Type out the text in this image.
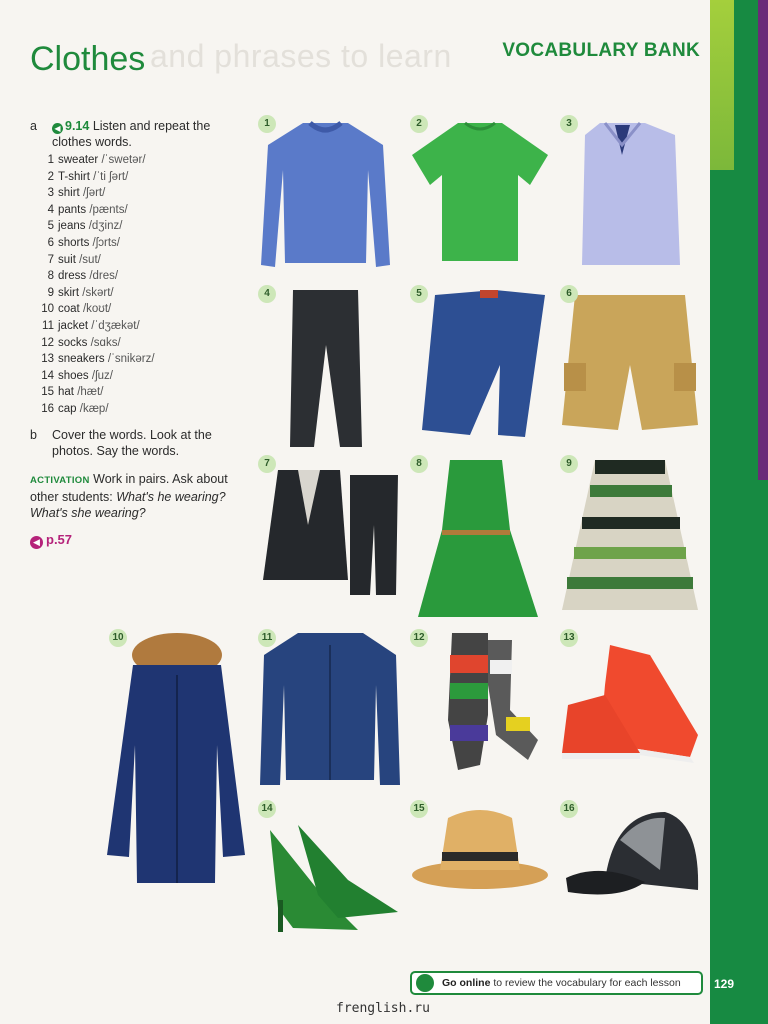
and phrases to learn
Clothes	VOCABULARY BANK
a ◀ 9.14 Listen and repeat the
clothes words.
1 sweater /ˈswetər/
2 T-shirt /ˈti ʃərt/
3 shirt /ʃərt/
4 pants /pænts/
5 jeans /dʒinz/
6 shorts /ʃɔrts/
7 suit /sut/
8 dress /dres/
9 skirt /skərt/
10 coat /koʊt/
11 jacket /ˈdʒækət/
12 socks /sɑks/
13 sneakers /ˈsnikərz/
14 shoes /ʃuz/
15 hat /hæt/
16 cap /kæp/
b Cover the words. Look at the
photos. Say the words.
ACTIVATION Work in pairs. Ask about other students: What's he wearing? What's she wearing?
◀ p.57
1	2	3
4	5	6
7	8	9
10	11	12	13
14	15	16
Go online to review the vocabulary for each lesson	129
frenglish.ru
